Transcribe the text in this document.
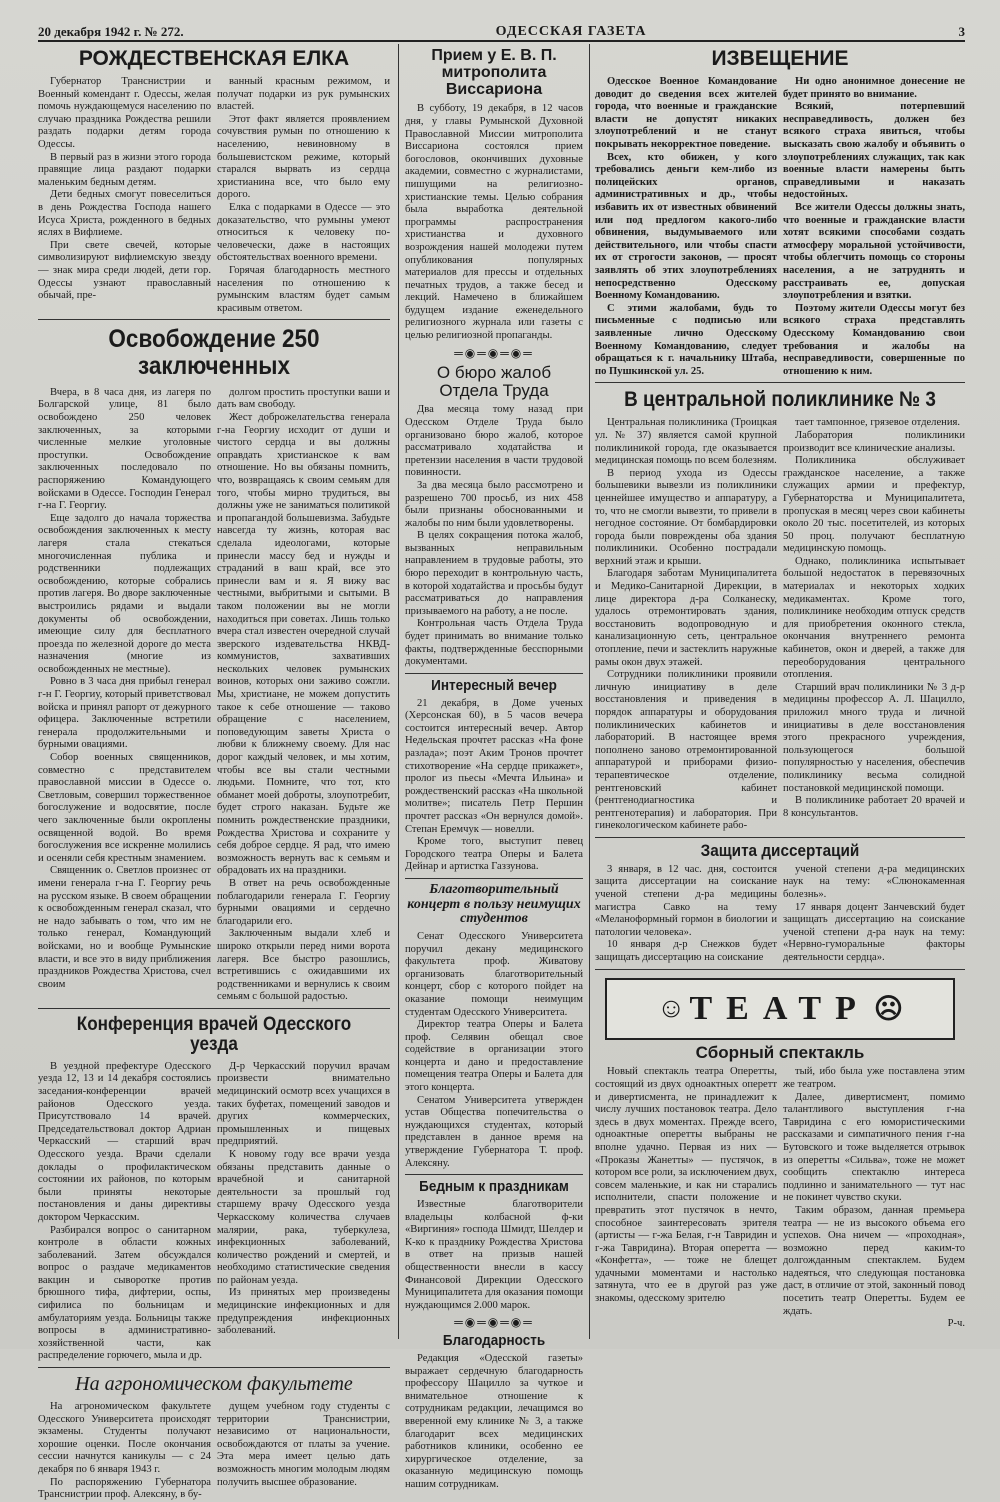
20 декабря 1942 г. № 272.	ОДЕССКАЯ ГАЗЕТА	3
РОЖДЕСТВЕНСКАЯ ЕЛКА

Губернатор Транснистрии и Военный комендант г. Одессы, желая помочь нуждающемуся населению по случаю праздника Рождества решили раздать подарки детям города Одессы.

В первый раз в жизни этого города правящие лица раздают подарки маленьким бедным детям.

Дети бедных смогут повеселиться в день Рождества Господа нашего Исуса Христа, рожденного в бедных яслях в Вифлиеме.

При свете свечей, которые символизируют вифлиемскую звезду — знак мира среди людей, дети гор. Одессы узнают православный обычай, пре-

ванный красным режимом, и получат подарки из рук румынских властей.

Этот факт является проявлением сочувствия румын по отношению к населению, невиновному в большевистском режиме, который старался вырвать из сердца христианина все, что было ему дорого.

Елка с подарками в Одессе — это доказательство, что румыны умеют относиться к человеку по-человечески, даже в настоящих обстоятельствах военного времени.

Горячая благодарность местного населения по отношению к румынским властям будет самым красивым ответом.

Освобождение 250 заключенных

Вчера, в 8 часа дня, из лагеря по Болгарской улице, 81 было освобождено 250 человек заключенных, за которыми численные мелкие уголовные проступки. Освобождение заключенных последовало по распоряжению Командующего войсками в Одессе. Господин Генерал г-на Г. Георгиу.

Еще задолго до начала торжества освобождения заключенных к месту лагеря стала стекаться многочисленная публика и родственники подлежащих освобождению, которые собрались против лагеря. Во дворе заключенные выстроились рядами и выдали документы об освобождении, имеющие силу для бесплатного проезда по железной дороге до места назначения (многие из освобожденных не местные).

Ровно в 3 часа дня прибыл генерал г-н Г. Георгиу, который приветствовал войска и принял рапорт от дежурного офицера. Заключенные встретили генерала продолжительными и бурными овациями.

Собор военных священников, совместно с представителем православной миссии в Одессе о. Светловым, совершил торжественное богослужение и водосвятие, после чего заключенные были окроплены освященной водой. Во время богослужения все искренне молились и осеняли себя крестным знамением.

Священник о. Светлов произнес от имени генерала г-на Г. Георгиу речь на русском языке. В своем обращении к освобожденным генерал сказал, что не надо забывать о том, что им не только генерал, Командующий войсками, но и вообще Румынские власти, и все это в виду приближения праздников Рождества Христова, счел своим

долгом простить проступки ваши и дать вам свободу.

Жест доброжелательства генерала г-на Георгиу исходит от души и чистого сердца и вы должны оправдать христианское к вам отношение. Но вы обязаны помнить, что, возвращаясь к своим семьям для того, чтобы мирно трудиться, вы должны уже не заниматься политикой и пропагандой большевизма. Забудьте навсегда ту жизнь, которая вас сделала идеологами, которые принесли массу бед и нужды и страданий в ваш край, все это принесли вам и я. Я вижу вас честными, выбритыми и сытыми. В таком положении вы не могли находиться при советах. Лишь только вчера стал известен очередной случай зверского издевательства НКВД-коммунистов, захвативших нескольких человек румынских воинов, которых они заживо сожгли. Мы, христиане, не можем допустить такое к себе отношение — таково обращение с населением, поповедующим заветы Христа о любви к ближнему своему. Для нас дорог каждый человек, и мы хотим, чтобы все вы стали честными людьми. Помните, что тот, кто обманет моей доброты, злоупотребит, будет строго наказан. Будьте же помнить рождественские праздники, Рождества Христова и сохраните у себя доброе сердце. Я рад, что имею возможность вернуть вас к семьям и обрадовать их на праздники.

В ответ на речь освобожденные поблагодарили генерала Г. Георгиу бурными овациями и сердечно благодарили его.

Заключенным выдали хлеб и широко открыли перед ними ворота лагеря. Все быстро разошлись, встретившись с ожидавшими их родственниками и вернулись к своим семьям с большой радостью.

Конференция врачей Одесского уезда

В уездной префектуре Одесского уезда 12, 13 и 14 декабря состоялись заседания-конференции врачей районов Одесского уезда. Присутствовало 14 врачей. Председательствовал доктор Адриан Черкасский — старший врач Одесского уезда. Врачи сделали доклады о профилактическом состоянии их районов, по которым были приняты некоторые постановления и даны директивы доктором Черкасским.

Разбирался вопрос о санитарном контроле в области кожных заболеваний. Затем обсуждался вопрос о раздаче медикаментов вакцин и сыворотке против брюшного тифа, дифтерии, оспы, сифилиса по больницам и амбулаториям уезда. Больницы также вопросы в административно-хозяйственной части, как распределение горючего, мыла и др.

Д-р Черкасский поручил врачам произвести внимательно медицинский осмотр всех учащихся в таких буфетах, помещений заводов и других коммерческих, промышленных и пищевых предприятий.

К новому году все врачи уезда обязаны представить данные о врачебной и санитарной деятельности за прошлый год старшему врачу Одесского уезда Черкасскому количества случаев малярии, рака, туберкулеза, инфекционных заболеваний, количество рождений и смертей, и необходимо статистические сведения по районам уезда.

Из принятых мер произведены медицинские инфекционных и для предупреждения инфекционных заболеваний.

На агрономическом факультете

На агрономическом факультете Одесского Университета происходят экзамены. Студенты получают хорошие оценки. После окончания сессии начнутся каникулы — с 24 декабря по 6 января 1943 г.

По распоряжению Губернатора Транснистрии проф. Алексяну, в бу-

дущем учебном году студенты с территории Транснистрии, независимо от национальности, освобождаются от платы за учение. Эта мера имеет целью дать возможность многим молодым людям получить высшее образование.

Прием у Е. В. П.
митрополита Виссариона

В субботу, 19 декабря, в 12 часов дня, у главы Румынской Духовной Православной Миссии митрополита Виссариона состоялся прием богословов, окончивших духовные академии, совместно с журналистами, пишущими на религиозно-христианские темы. Целью собрания была выработка деятельной программы распространения христианства и духовного возрождения нашей молодежи путем опубликования популярных материалов для прессы и отдельных печатных трудов, а также бесед и лекций. Намечено в ближайшем будущем издание еженедельного религиозного журнала или газеты с целью религиозной пропаганды.

═◉═◉═◉═
О бюро жалоб
Отдела Труда

Два месяца тому назад при Одесском Отделе Труда было организовано бюро жалоб, которое рассматривало ходатайства и претензии населения в части трудовой повинности.

За два месяца было рассмотрено и разрешено 700 просьб, из них 458 были признаны обоснованными и жалобы по ним были удовлетворены.

В целях сокращения потока жалоб, вызванных неправильным направлением в трудовые работы, это бюро переходит в контрольную часть, в которой ходатайства и просьбы будут рассматриваться до направления призываемого на работу, а не после.

Контрольная часть Отдела Труда будет принимать во внимание только факты, подтвержденные бесспорными документами.

Интересный вечер

21 декабря, в Доме ученых (Херсонская 60), в 5 часов вечера состоится интересный вечер. Автор Недельская прочтет рассказ «На фоне разлада»; поэт Аким Тронов прочтет стихотворение «На сердце прикажет», пролог из пьесы «Мечта Ильина» и рождественский рассказ «На школьной молитве»; писатель Петр Першин прочтет рассказ «Он вернулся домой». Степан Еремчук — новелли.

Кроме того, выступит певец Городского театра Оперы и Балета Дейнар и артистка Газзунова.

Благотворительный концерт в пользу неимущих студентов

Сенат Одесского Университета поручил декану медицинского факультета проф. Живатову организовать благотворительный концерт, сбор с которого пойдет на оказание помощи неимущим студентам Одесского Университета.

Директор театра Оперы и Балета проф. Селявин обещал свое содействие в организации этого концерта и дано и предоставление помещения театра Оперы и Балета для этого концерта.

Сенатом Университета утвержден устав Общества попечительства о нуждающихся студентах, который представлен в данное время на утверждение Губернатора Т. проф. Алексяну.

Бедным к праздникам

Известные благотворители владельцы колбасной ф-ки «Виргиния» господа Шмидт, Шелдер и К-ко к празднику Рождества Христова в ответ на призыв нашей общественности внесли в кассу Финансовой Дирекции Одесского Муниципалитета для оказания помощи нуждающимся 2.000 марок.

═◉═◉═◉═
Благодарность

Редакция «Одесской газеты» выражает сердечную благодарность профессору Шацилло за чуткое и внимательное отношение к сотрудникам редакции, лечащимся во вверенной ему клинике № 3, а также благодарит всех медицинских работников клиники, особенно ее хирургическое отделение, за оказанную медицинскую помощь нашим сотрудникам.

ИЗВЕЩЕНИЕ

Одесское Военное Командование доводит до сведения всех жителей города, что военные и гражданские власти не допустят никаких злоупотреблений и не станут покрывать некорректное поведение.

Всех, кто обижен, у кого требовались деньги кем-либо из полицейских органов, административных и др., чтобы избавить их от известных обвинений или под предлогом какого-либо обвинения, выдумываемого или действительного, или чтобы спасти их от строгости законов, — просят заявлять об этих злоупотреблениях непосредственно Одесскому Военному Командованию.

С этими жалобами, будь то письменные с подписью или заявленные лично Одесскому Военному Командованию, следует обращаться к г. начальнику Штаба, по Пушкинской ул. 25.

Ни одно анонимное донесение не будет принято во внимание.

Всякий, потерпевший несправедливость, должен без всякого страха явиться, чтобы высказать свою жалобу и объявить о злоупотреблениях служащих, так как военные власти намерены быть справедливыми и наказать недостойных.

Все жители Одессы должны знать, что военные и гражданские власти хотят всякими способами создать атмосферу моральной устойчивости, чтобы облегчить помощь со стороны населения, а не затруднять и расстраивать ее, допуская злоупотребления и взятки.

Поэтому жители Одессы могут без всякого страха представлять Одесскому Командованию свои требования и жалобы на несправедливости, совершенные по отношению к ним.

В центральной поликлинике № 3

Центральная поликлиника (Троицкая ул. № 37) является самой крупной поликлиникой города, где оказывается медицинская помощь по всем болезням.

В период ухода из Одессы большевики вывезли из поликлиники ценнейшее имущество и аппаратуру, а то, что не смогли вывезти, то привели в негодное состояние. От бомбардировки города были повреждены оба здания поликлиники. Особенно пострадали верхний этаж и крыши.

Благодаря заботам Муниципалитета и Медико-Санитарной Дирекции, в лице директора д-ра Солканеску, удалось отремонтировать здания, восстановить водопроводную и канализационную сеть, центральное отопление, печи и застеклить наружные рамы окон двух этажей.

Сотрудники поликлиники проявили личную инициативу в деле восстановления и приведения в порядок аппаратуры и оборудования поликлинических кабинетов и лабораторий. В настоящее время пополнено заново отремонтированной аппаратурой и приборами физио-терапевтическое отделение, рентгеновский кабинет (рентгенодиагностика и рентгенотерапия) и лаборатория. При гинекологическом кабинете рабо-

тает тампонное, грязевое отделения.

Лаборатория поликлиники производит все клинические анализы.

Поликлиника обслуживает гражданское население, а также служащих армии и префектур, Губернаторства и Муниципалитета, пропуская в месяц через свои кабинеты около 20 тыс. посетителей, из которых 50 проц. получают бесплатную медицинскую помощь.

Однако, поликлиника испытывает большой недостаток в перевязочных материалах и некоторых ходких медикаментах. Кроме того, поликлинике необходим отпуск средств для приобретения оконного стекла, окончания внутреннего ремонта кабинетов, окон и дверей, а также для переоборудования центрального отопления.

Старший врач поликлиники № 3 д-р медицины профессор А. Л. Шацилло, приложил много труда и личной инициативы в деле восстановления этого прекрасного учреждения, пользующегося большой популярностью у населения, обеспечив поликлинику весьма солидной постановкой медицинской помощи.

В поликлинике работает 20 врачей и 8 консультантов.

Защита диссертаций

3 января, в 12 час. дня, состоится защита диссертации на соискание ученой степени д-ра медицины магистра Савко на тему «Меланоформный гормон в биологии и патологии человека».

10 января д-р Снежков будет защищать диссертацию на соискание

ученой степени д-ра медицинских наук на тему: «Слюнокаменная болезнь».

17 января доцент Занчевский будет защищать диссертацию на соискание ученой степени д-ра наук на тему: «Нервно-гуморальные факторы деятельности сердца».

☺ ТЕАТР ☹
Сборный спектакль

Новый спектакль театра Оперетты, состоящий из двух одноактных оперетт и дивертисмента, не принадлежит к числу лучших постановок театра. Дело здесь в двух моментах. Прежде всего, одноактные оперетты выбраны не вполне удачно. Первая из них — «Проказы Жанетты» — пустячок, в котором все роли, за исключением двух, совсем маленькие, и как ни старались исполнители, спасти положение и превратить этот пустячок в нечто, способное заинтересовать зрителя (артисты — г-жа Белая, г-н Тавридин и г-жа Тавридина). Вторая оперетта — «Конфетта», — тоже не блещет удачными моментами и настолько затянута, что ее в другой раз уже знакомы, одесскому зрителю

тый, ибо была уже поставлена этим же театром.

Далее, дивертисмент, помимо талантливого выступления г-на Тавридина с его юмористическими рассказами и симпатичного пения г-на Бутовского и тоже выделяется отрывок из оперетты «Сильва», тоже не может сообщить спектаклю интереса подлинно и занимательного — тут нас не покинет чувство скуки.

Таким образом, данная премьера театра — не из высокого объема его успехов. Она ничем — «проходная», возможно перед каким-то долгожданным спектаклем. Будем надеяться, что следующая постановка даст, в отличие от этой, законный повод посетить театр Оперетты. Будем ее ждать.

Р-ч.
